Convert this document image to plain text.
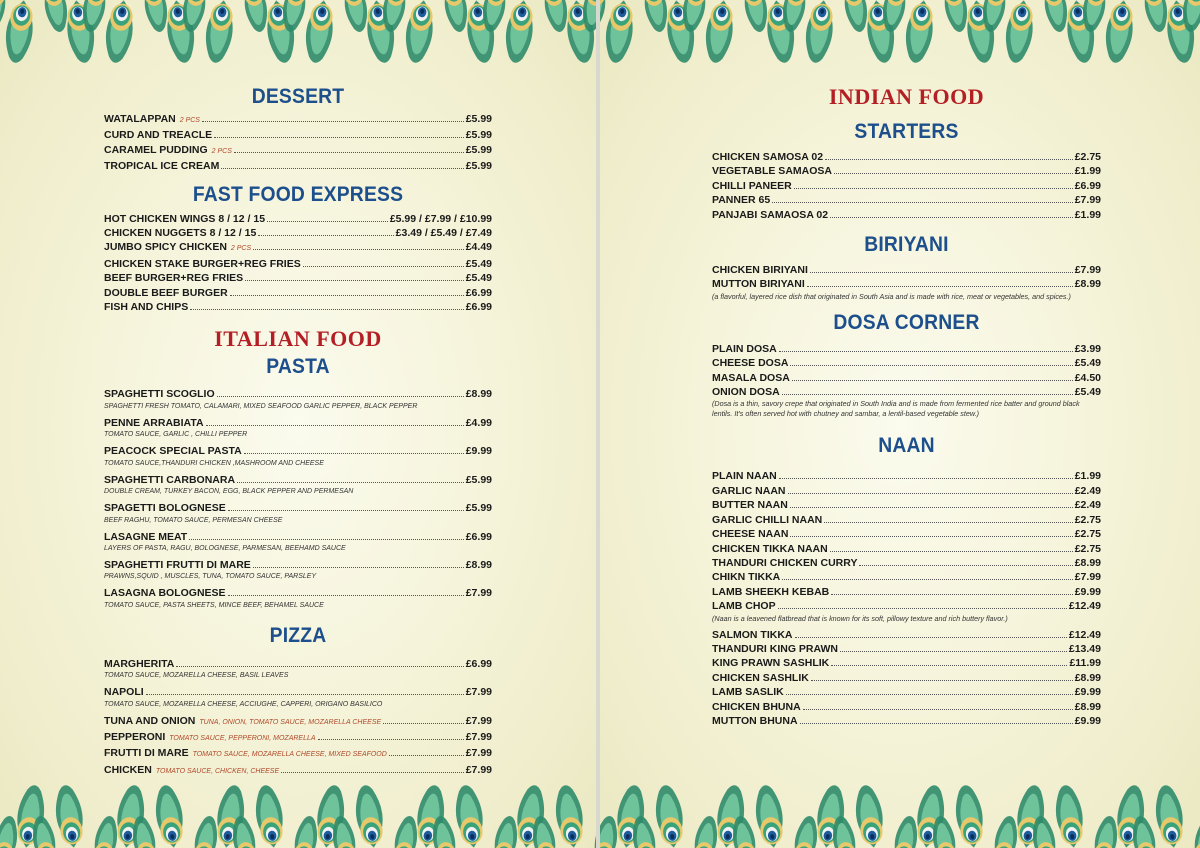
DESSERT
WATALAPPAN 2 PCS	£5.99
CURD AND TREACLE	£5.99
CARAMEL PUDDING 2 PCS	£5.99
TROPICAL ICE CREAM	£5.99
FAST FOOD EXPRESS
HOT CHICKEN WINGS 8 / 12 / 15	£5.99 / £7.99 / £10.99
CHICKEN NUGGETS 8 / 12 / 15	£3.49 / £5.49 / £7.49
JUMBO SPICY CHICKEN 2 PCS	£4.49
CHICKEN STAKE BURGER+REG FRIES	£5.49
BEEF BURGER+REG FRIES	£5.49
DOUBLE BEEF BURGER	£6.99
FISH AND CHIPS	£6.99
ITALIAN FOOD
PASTA
SPAGHETTI SCOGLIO	£8.99
SPAGHETTI FRESH TOMATO, CALAMARI, MIXED SEAFOOD GARLIC PEPPER, BLACK PEPPER
PENNE ARRABIATA	£4.99
TOMATO SAUCE, GARLIC , CHILLI PEPPER
PEACOCK SPECIAL PASTA	£9.99
TOMATO SAUCE,THANDURI CHICKEN ,MASHROOM AND CHEESE
SPAGHETTI CARBONARA	£5.99
DOUBLE CREAM, TURKEY BACON, EGG, BLACK PEPPER AND PERMESAN
SPAGETTI BOLOGNESE	£5.99
BEEF RAGHU, TOMATO SAUCE, PERMESAN CHEESE
LASAGNE MEAT	£6.99
LAYERS OF PASTA, RAGU, BOLOGNESE, PARMESAN, BEEHAMD SAUCE
SPAGHETTI FRUTTI DI MARE	£8.99
PRAWNS,SQUID , MUSCLES, TUNA, TOMATO SAUCE, PARSLEY
LASAGNA BOLOGNESE	£7.99
TOMATO SAUCE, PASTA SHEETS, MINCE BEEF, BEHAMEL SAUCE
PIZZA
MARGHERITA	£6.99
TOMATO SAUCE, MOZARELLA CHEESE, BASIL LEAVES
NAPOLI	£7.99
TOMATO SAUCE, MOZARELLA CHEESE, ACCIUGHE, CAPPERI, ORIGANO BASILICO
TUNA AND ONION TUNA, ONION, TOMATO SAUCE, MOZARELLA CHEESE	£7.99
PEPPERONI TOMATO SAUCE, PEPPERONI, MOZARELLA	£7.99
FRUTTI DI MARE TOMATO SAUCE, MOZARELLA CHEESE, MIXED SEAFOOD	£7.99
CHICKEN TOMATO SAUCE, CHICKEN, CHEESE	£7.99
INDIAN FOOD
STARTERS
CHICKEN SAMOSA 02	£2.75
VEGETABLE SAMAOSA	£1.99
CHILLI PANEER	£6.99
PANNER 65	£7.99
PANJABI SAMAOSA 02	£1.99
BIRIYANI
CHICKEN BIRIYANI	£7.99
MUTTON BIRIYANI	£8.99
(a flavorful, layered rice dish that originated in South Asia and is made with rice, meat or vegetables, and spices.)
DOSA CORNER
PLAIN DOSA	£3.99
CHEESE DOSA	£5.49
MASALA DOSA	£4.50
ONION DOSA	£5.49
(Dosa is a thin, savory crepe that originated in South India and is made from fermented rice batter and ground black lentils. It's often served hot with chutney and sambar, a lentil-based vegetable stew.)
NAAN
PLAIN NAAN	£1.99
GARLIC NAAN	£2.49
BUTTER NAAN	£2.49
GARLIC CHILLI NAAN	£2.75
CHEESE NAAN	£2.75
CHICKEN TIKKA NAAN	£2.75
THANDURI CHICKEN CURRY	£8.99
CHIKN TIKKA	£7.99
LAMB SHEEKH KEBAB	£9.99
LAMB CHOP	£12.49
(Naan is a leavened flatbread that is known for its soft, pillowy texture and rich buttery flavor.)
SALMON TIKKA	£12.49
THANDURI KING PRAWN	£13.49
KING PRAWN SASHLIK	£11.99
CHICKEN SASHLIK	£8.99
LAMB SASLIK	£9.99
CHICKEN BHUNA	£8.99
MUTTON BHUNA	£9.99
